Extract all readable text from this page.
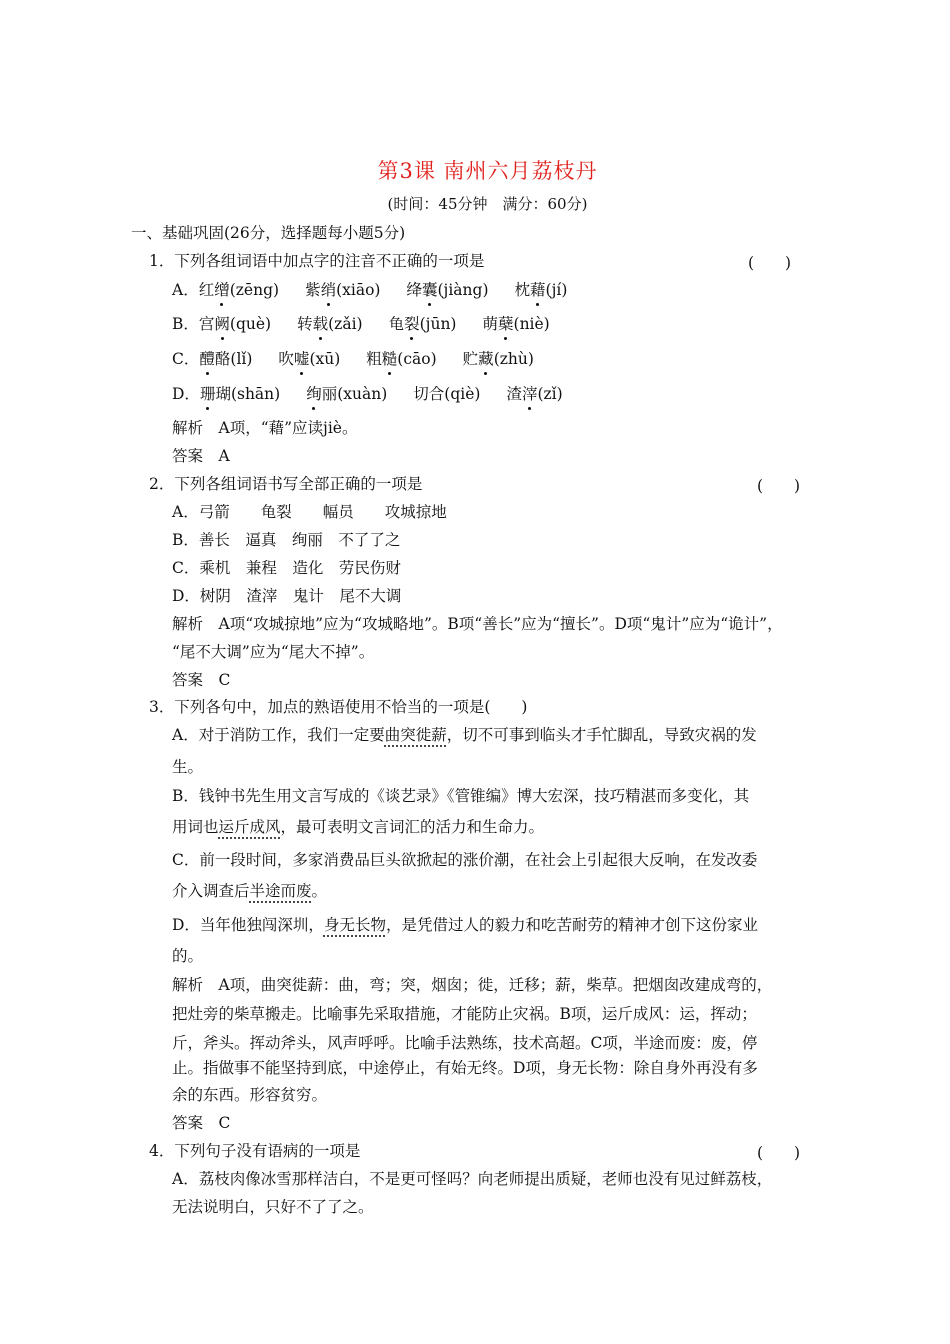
第3课 南州六月荔枝丹
(时间：45分钟　满分：60分)
一、基础巩固(26分，选择题每小题5分)
1．下列各组词语中加点字的注音不正确的一项是	(　　)
A．红缯(zēng) 紫绡(xiāo) 绛囊(jiàng) 枕藉(jí)
B．宫阙(què) 转载(zǎi) 龟裂(jūn) 萌蘖(niè)
C．醴酪(lǐ) 吹嘘(xū) 粗糙(cāo) 贮藏(zhù)
D．珊瑚(shān) 绚丽(xuàn) 切合(qiè) 渣滓(zǐ)
解析　A项，“藉”应读jiè。
答案　A
2．下列各组词语书写全部正确的一项是	(　　)
A．弓箭　　龟裂　　幅员　　攻城掠地
B．善长　逼真　绚丽　不了了之
C．乘机　兼程　造化　劳民伤财
D．树阴　渣滓　鬼计　尾不大调
解析　A项“攻城掠地”应为“攻城略地”。B项“善长”应为“擅长”。D项“鬼计”应为“诡计”，
“尾不大调”应为“尾大不掉”。
答案　C
3．下列各句中，加点的熟语使用不恰当的一项是(　　)
A．对于消防工作，我们一定要曲突徙薪，切不可事到临头才手忙脚乱，导致灾祸的发
生。
B．钱钟书先生用文言写成的《谈艺录》《管锥编》博大宏深，技巧精湛而多变化，其
用词也运斤成风，最可表明文言词汇的活力和生命力。
C．前一段时间，多家消费品巨头欲掀起的涨价潮，在社会上引起很大反响，在发改委
介入调查后半途而废。
D．当年他独闯深圳，身无长物，是凭借过人的毅力和吃苦耐劳的精神才创下这份家业
的。
解析　A项，曲突徙薪：曲，弯；突，烟囱；徙，迁移；薪，柴草。把烟囱改建成弯的，
把灶旁的柴草搬走。比喻事先采取措施，才能防止灾祸。B项，运斤成风：运，挥动；
斤，斧头。挥动斧头，风声呼呼。比喻手法熟练，技术高超。C项，半途而废：废，停
止。指做事不能坚持到底，中途停止，有始无终。D项，身无长物：除自身外再没有多
余的东西。形容贫穷。
答案　C
4．下列句子没有语病的一项是	(　　)
A．荔枝肉像冰雪那样洁白，不是更可怪吗？向老师提出质疑，老师也没有见过鲜荔枝，
无法说明白，只好不了了之。
